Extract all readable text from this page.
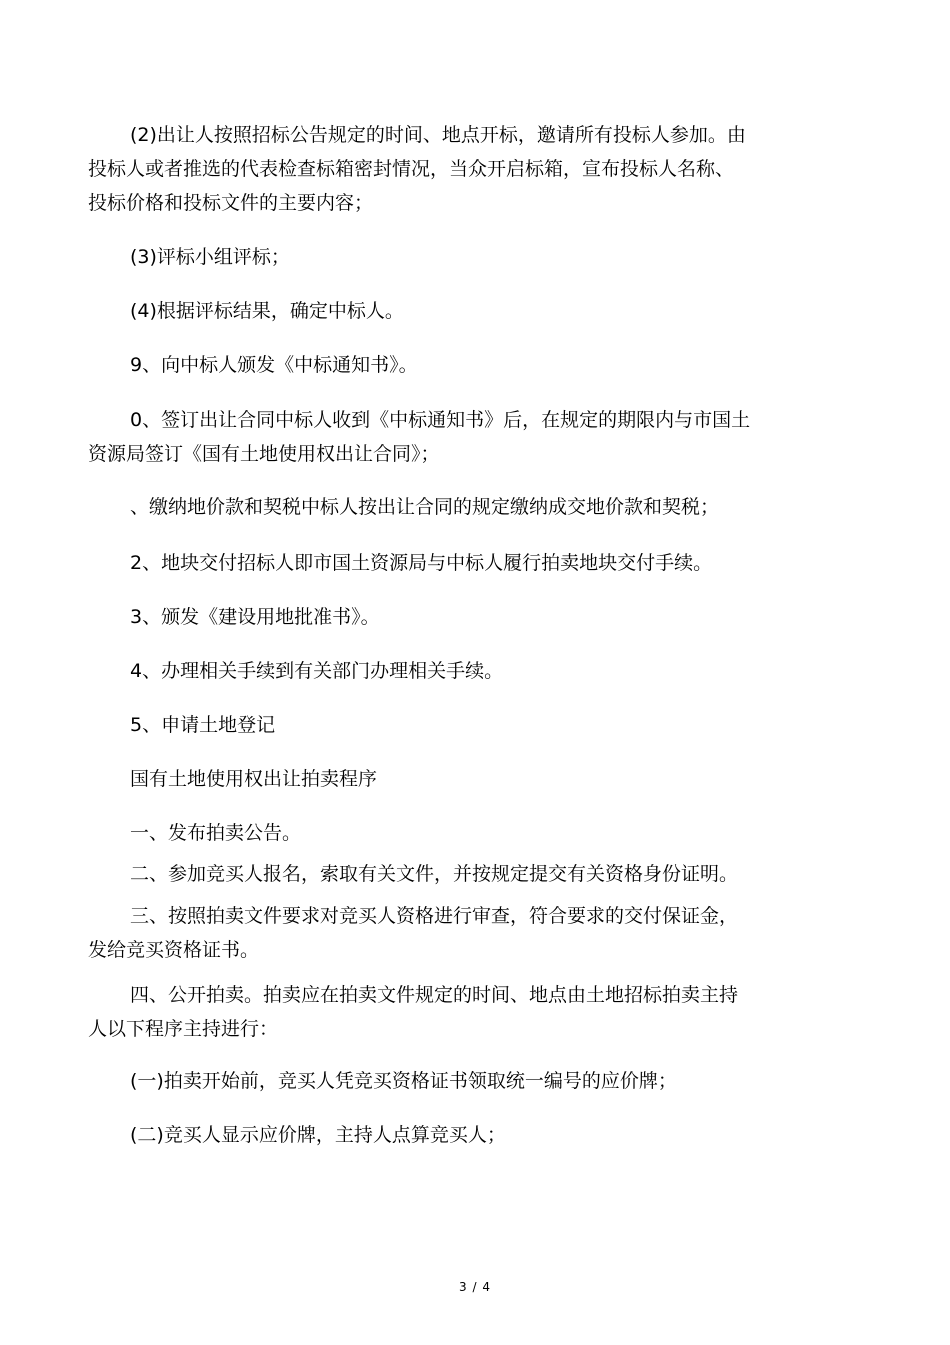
(2)出让人按照招标公告规定的时间、地点开标，邀请所有投标人参加。由
投标人或者推选的代表检查标箱密封情况，当众开启标箱，宣布投标人名称、
投标价格和投标文件的主要内容；

(3)评标小组评标；

(4)根据评标结果，确定中标人。

9、向中标人颁发《中标通知书》。

0、签订出让合同中标人收到《中标通知书》后，在规定的期限内与市国土
资源局签订《国有土地使用权出让合同》；

、缴纳地价款和契税中标人按出让合同的规定缴纳成交地价款和契税；

2、地块交付招标人即市国土资源局与中标人履行拍卖地块交付手续。

3、颁发《建设用地批准书》。

4、办理相关手续到有关部门办理相关手续。

5、申请土地登记

国有土地使用权出让拍卖程序

一、发布拍卖公告。

二、参加竞买人报名，索取有关文件，并按规定提交有关资格身份证明。

三、按照拍卖文件要求对竞买人资格进行审查，符合要求的交付保证金，
发给竞买资格证书。

四、公开拍卖。拍卖应在拍卖文件规定的时间、地点由土地招标拍卖主持
人以下程序主持进行：

(一)拍卖开始前，竞买人凭竞买资格证书领取统一编号的应价牌；

(二)竞买人显示应价牌，主持人点算竞买人；

3 / 4
